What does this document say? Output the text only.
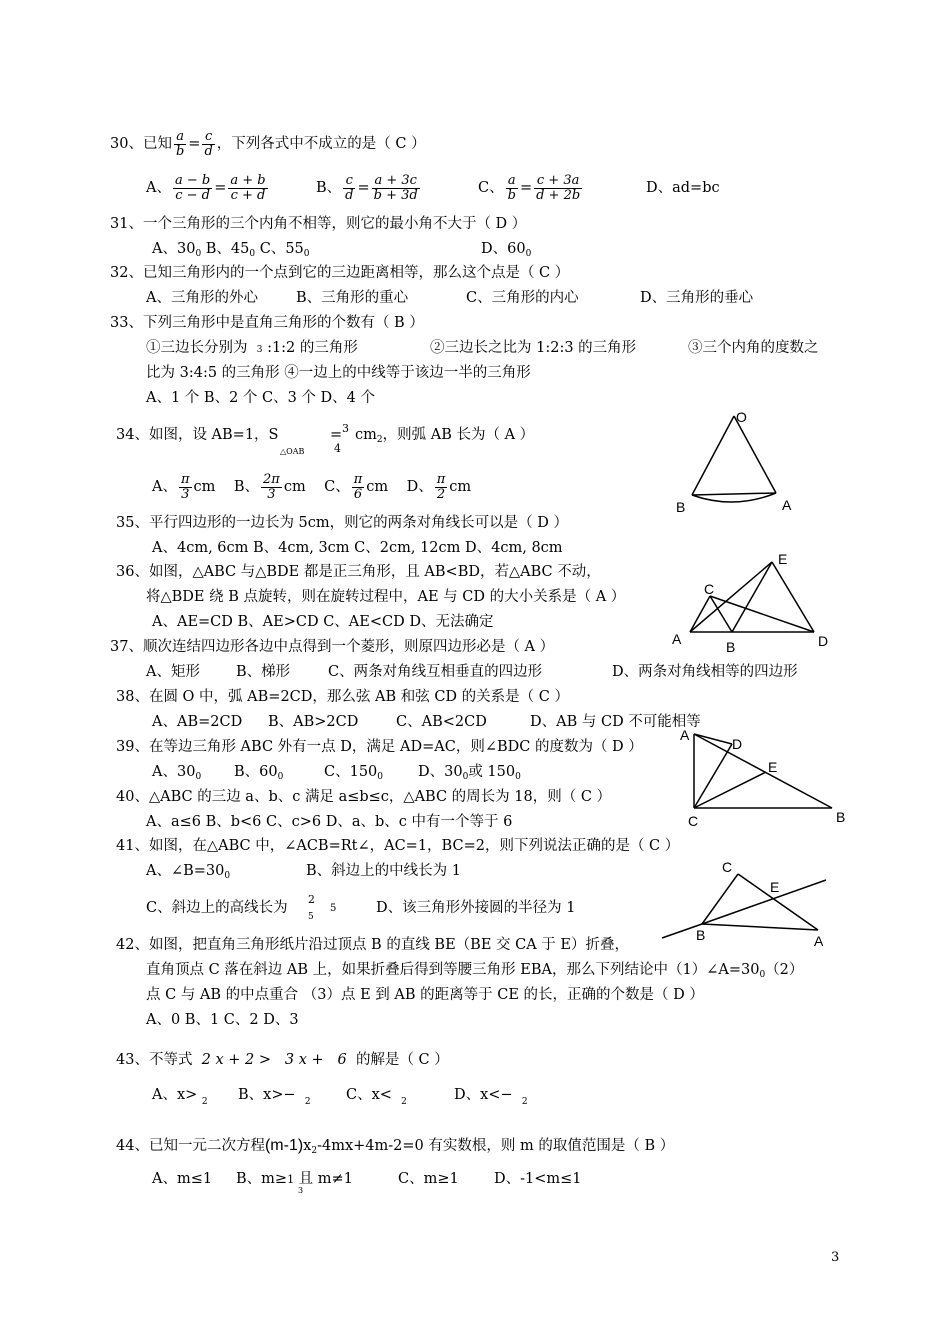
30、已知 $\frac{a}{b} = \frac{c}{d}$ ，下列各式中不成立的是（ C ）
A、 $\frac{a - b}{c - d} = \frac{a + b}{c + d}$	B、 $\frac{c}{d} = \frac{a + 3c}{b + 3d}$	C、 $\frac{a}{b} = \frac{c + 3a}{d + 2b}$	D、ad=bc
31、一个三角形的三个内角不相等，则它的最小角不大于（ D ）
A、$30_0$ B、$45_0$ C、$55_0$	D、$60_0$
32、已知三角形内的一个点到它的三边距离相等，那么这个点是（ C ）
A、三角形的外心	B、三角形的重心	C、三角形的内心	D、三角形的垂心
33、下列三角形中是直角三角形的个数有（ B ）
①三边长分别为 3 :1:2 的三角形	②三边长之比为 1:2:3 的三角形	③三个内角的度数之
比为 3:4:5 的三角形 ④一边上的中线等于该边一半的三角形
A、1 个 B、2 个 C、3 个 D、4 个
34、如图，设 AB=1，S
△OAB
= 3
4
$cm_2$，则弧 AB 长为（ A ）
A、 $\frac{\pi}{3}$ cm B、 $\frac{2\pi}{3}$ cm C、 $\frac{\pi}{6}$ cm D、 $\frac{\pi}{2}$ cm
O
B	A
35、平行四边形的一边长为 5cm，则它的两条对角线长可以是（ D ）
A、4cm, 6cm B、4cm, 3cm C、2cm, 12cm D、4cm, 8cm
36、如图，△ABC 与△BDE 都是正三角形，且 AB<BD，若△ABC 不动，
将△BDE 绕 B 点旋转，则在旋转过程中，AE 与 CD 的大小关系是（ A ）
A、AE=CD B、AE>CD C、AE<CD D、无法确定
C
E
A	B	D
37、顺次连结四边形各边中点得到一个菱形，则原四边形必是（ A ）
A、矩形 B、梯形	C、两条对角线互相垂直的四边形	D、两条对角线相等的四边形
38、在圆 O 中，弧 AB=2CD，那么弦 AB 和弦 CD 的关系是（ C ）
A、AB=2CD B、AB>2CD	C、AB<2CD	D、AB 与 CD 不可能相等
39、在等边三角形 ABC 外有一点 D，满足 AD=AC，则∠BDC 的度数为（ D ）
A、$30_0$ B、$60_0$	C、$150_0$ D、$30_0$或 $150_0$
A
D
E
C	B
40、△ABC 的三边 a、b、c 满足 a≤b≤c，△ABC 的周长为 18，则（ C ）
A、a≤6 B、b<6 C、c>6 D、a、b、c 中有一个等于 6
41、如图，在△ABC 中，∠ACB=Rt∠，AC=1，BC=2，则下列说法正确的是（ C ）
A、$\angle B=30_0$	B、斜边上的中线长为 1
C、斜边上的高线长为
2
5
5	D、该三角形外接圆的半径为 1
C
E
B	A
42、如图，把直角三角形纸片沿过顶点 B 的直线 BE（BE 交 CA 于 E）折叠，
直角顶点 C 落在斜边 AB 上，如果折叠后得到等腰三角形 EBA，那么下列结论中$(1)\angle A=30_0(2)$
点 C 与 AB 的中点重合 （3）点 E 到 AB 的距离等于 CE 的长，正确的个数是（ D ）
A、0 B、1 C、2 D、3
43、不等式 2 x + 2 > 3 x + 6 的解是（ C ）
A、x> $_2$ B、x>− $_2$ C、x< $_2$	D、x<− $_2$
44、已知一元二次方程$(m-1)x_2-4mx+4m-2=0$ 有实数根，则 m 的取值范围是（ B ）
A、m≤1 B、m≥1 且 m≠1
3
C、m≥1 D、-1<m≤1
3
